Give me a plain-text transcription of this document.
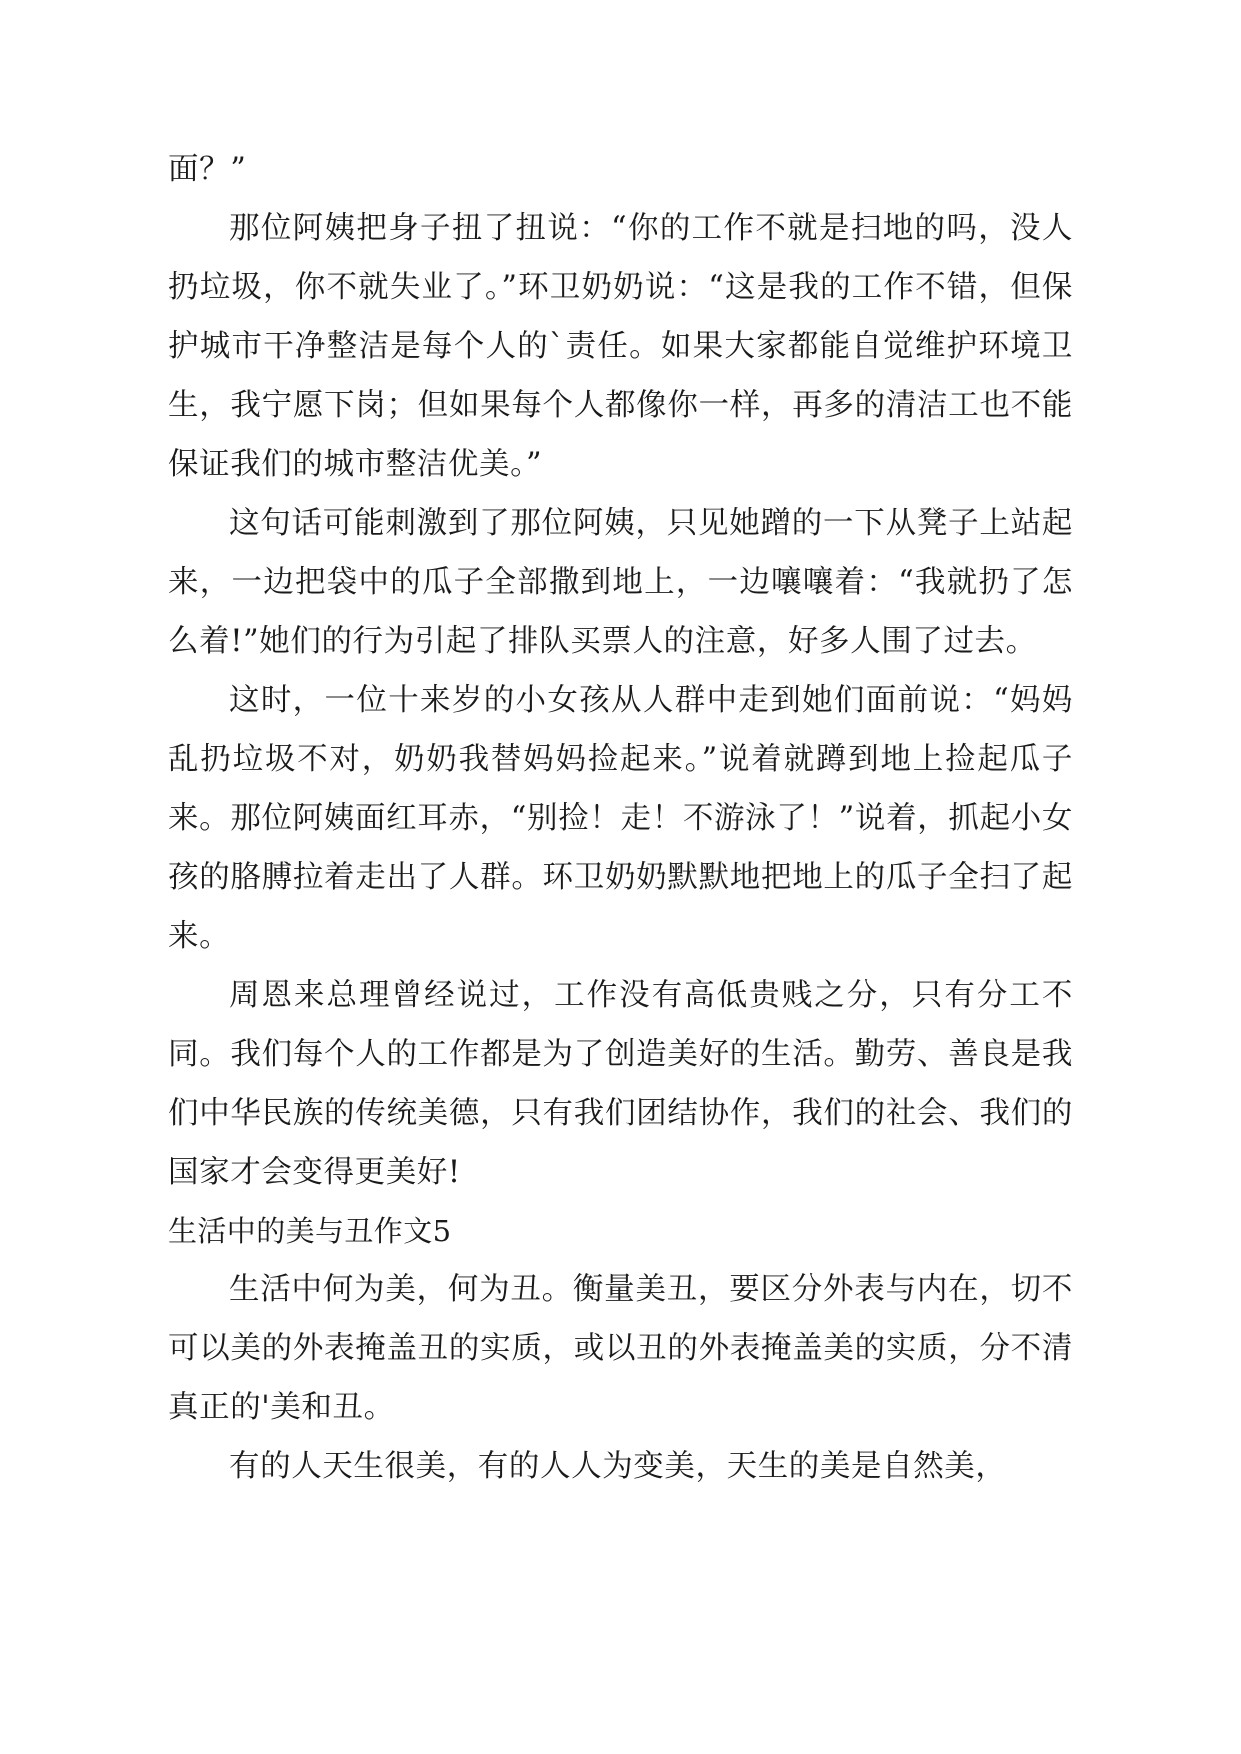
面？”

那位阿姨把身子扭了扭说：“你的工作不就是扫地的吗，没人扔垃圾，你不就失业了。”环卫奶奶说：“这是我的工作不错，但保护城市干净整洁是每个人的`责任。如果大家都能自觉维护环境卫生，我宁愿下岗；但如果每个人都像你一样，再多的清洁工也不能保证我们的城市整洁优美。”

这句话可能刺激到了那位阿姨，只见她蹭的一下从凳子上站起来，一边把袋中的瓜子全部撒到地上，一边嚷嚷着：“我就扔了怎么着!”她们的行为引起了排队买票人的注意，好多人围了过去。

这时，一位十来岁的小女孩从人群中走到她们面前说：“妈妈乱扔垃圾不对，奶奶我替妈妈捡起来。”说着就蹲到地上捡起瓜子来。那位阿姨面红耳赤，“别捡！走！不游泳了！”说着，抓起小女孩的胳膊拉着走出了人群。环卫奶奶默默地把地上的瓜子全扫了起来。

周恩来总理曾经说过，工作没有高低贵贱之分，只有分工不同。我们每个人的工作都是为了创造美好的生活。勤劳、善良是我们中华民族的传统美德，只有我们团结协作，我们的社会、我们的国家才会变得更美好!

生活中的美与丑作文5

生活中何为美，何为丑。衡量美丑，要区分外表与内在，切不可以美的外表掩盖丑的实质，或以丑的外表掩盖美的实质，分不清真正的'美和丑。

有的人天生很美，有的人人为变美，天生的美是自然美，
